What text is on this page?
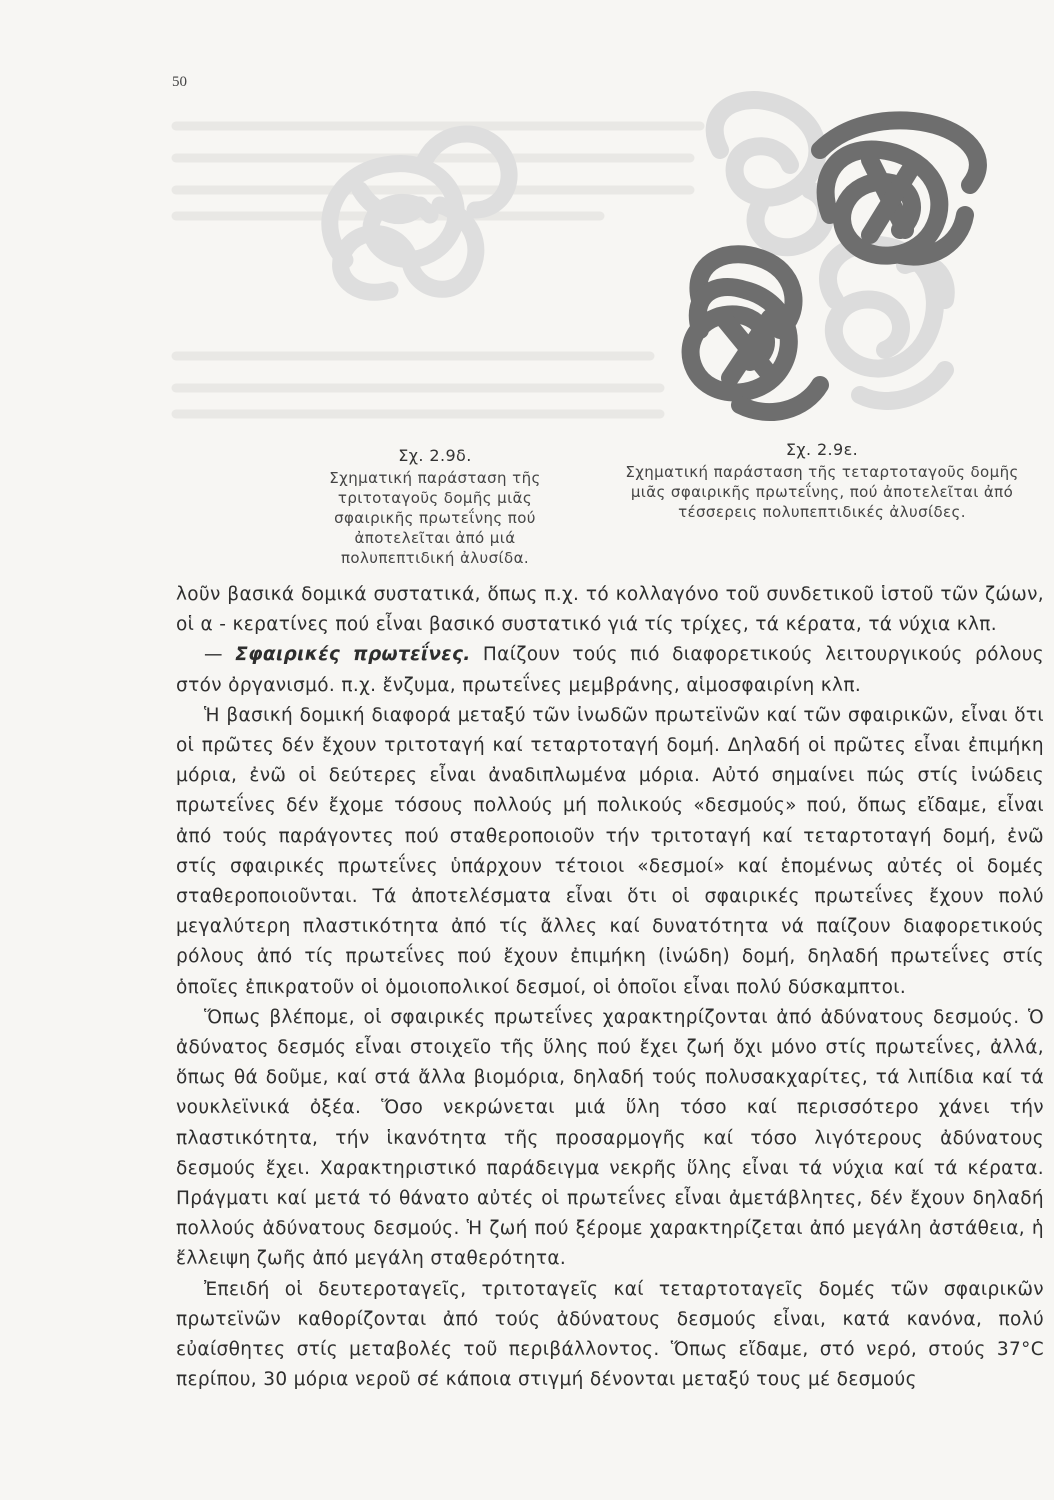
50
Σχ. 2.9δ.
Σχηματική παράσταση τῆς τριτοταγοῦς δομῆς μιᾶς σφαιρικῆς πρωτεΐνης πού ἀποτελεῖται ἀπό μιά πολυπεπτιδική ἀλυσίδα.
Σχ. 2.9ε.
Σχηματική παράσταση τῆς τεταρτοταγοῦς δομῆς μιᾶς σφαιρικῆς πρωτεΐνης, πού ἀποτελεῖται ἀπό τέσσερεις πολυπεπτιδικές ἀλυσίδες.

λοῦν βασικά δομικά συστατικά, ὅπως π.χ. τό κολλαγόνο τοῦ συνδετικοῦ ἱστοῦ τῶν ζώων, οἱ α - κερατίνες πού εἶναι βασικό συστατικό γιά τίς τρίχες, τά κέρατα, τά νύχια κλπ.

— Σφαιρικές πρωτεΐνες. Παίζουν τούς πιό διαφορετικούς λειτουργικούς ρόλους στόν ὀργανισμό. π.χ. ἔνζυμα, πρωτεΐνες μεμβράνης, αἱμοσφαιρίνη κλπ.

Ἡ βασική δομική διαφορά μεταξύ τῶν ἰνωδῶν πρωτεϊνῶν καί τῶν σφαιρικῶν, εἶναι ὅτι οἱ πρῶτες δέν ἔχουν τριτοταγή καί τεταρτοταγή δομή. Δηλαδή οἱ πρῶτες εἶναι ἐπιμήκη μόρια, ἐνῶ οἱ δεύτερες εἶναι ἀναδιπλωμένα μόρια. Αὐτό σημαίνει πώς στίς ἰνώδεις πρωτεΐνες δέν ἔχομε τόσους πολλούς μή πολικούς «δεσμούς» πού, ὅπως εἴδαμε, εἶναι ἀπό τούς παράγοντες πού σταθεροποιοῦν τήν τριτοταγή καί τεταρτοταγή δομή, ἐνῶ στίς σφαιρικές πρωτεΐνες ὑπάρχουν τέτοιοι «δεσμοί» καί ἑπομένως αὐτές οἱ δομές σταθεροποιοῦνται. Τά ἀποτελέσματα εἶναι ὅτι οἱ σφαιρικές πρωτεΐνες ἔχουν πολύ μεγαλύτερη πλαστικότητα ἀπό τίς ἄλλες καί δυνατότητα νά παίζουν διαφορετικούς ρόλους ἀπό τίς πρωτεΐνες πού ἔχουν ἐπιμήκη (ἰνώδη) δομή, δηλαδή πρωτεΐνες στίς ὁποῖες ἐπικρατοῦν οἱ ὁμοιοπολικοί δεσμοί, οἱ ὁποῖοι εἶναι πολύ δύσκαμπτοι.

Ὅπως βλέπομε, οἱ σφαιρικές πρωτεΐνες χαρακτηρίζονται ἀπό ἀδύνατους δεσμούς. Ὁ ἀδύνατος δεσμός εἶναι στοιχεῖο τῆς ὕλης πού ἔχει ζωή ὄχι μόνο στίς πρωτεΐνες, ἀλλά, ὅπως θά δοῦμε, καί στά ἄλλα βιομόρια, δηλαδή τούς πολυσακχαρίτες, τά λιπίδια καί τά νουκλεϊνικά ὀξέα. Ὅσο νεκρώνεται μιά ὕλη τόσο καί περισσότερο χάνει τήν πλαστικότητα, τήν ἱκανότητα τῆς προσαρμογῆς καί τόσο λιγότερους ἀδύνατους δεσμούς ἔχει. Χαρακτηριστικό παράδειγμα νεκρῆς ὕλης εἶναι τά νύχια καί τά κέρατα. Πράγματι καί μετά τό θάνατο αὐτές οἱ πρωτεΐνες εἶναι ἀμετάβλητες, δέν ἔχουν δηλαδή πολλούς ἀδύνατους δεσμούς. Ἡ ζωή πού ξέρομε χαρακτηρίζεται ἀπό μεγάλη ἀστάθεια, ἡ ἔλλειψη ζωῆς ἀπό μεγάλη σταθερότητα.

Ἐπειδή οἱ δευτεροταγεῖς, τριτοταγεῖς καί τεταρτοταγεῖς δομές τῶν σφαιρικῶν πρωτεϊνῶν καθορίζονται ἀπό τούς ἀδύνατους δεσμούς εἶναι, κατά κανόνα, πολύ εὐαίσθητες στίς μεταβολές τοῦ περιβάλλοντος. Ὅπως εἴδαμε, στό νερό, στούς 37°C περίπου, 30 μόρια νεροῦ σέ κάποια στιγμή δένονται μεταξύ τους μέ δεσμούς
